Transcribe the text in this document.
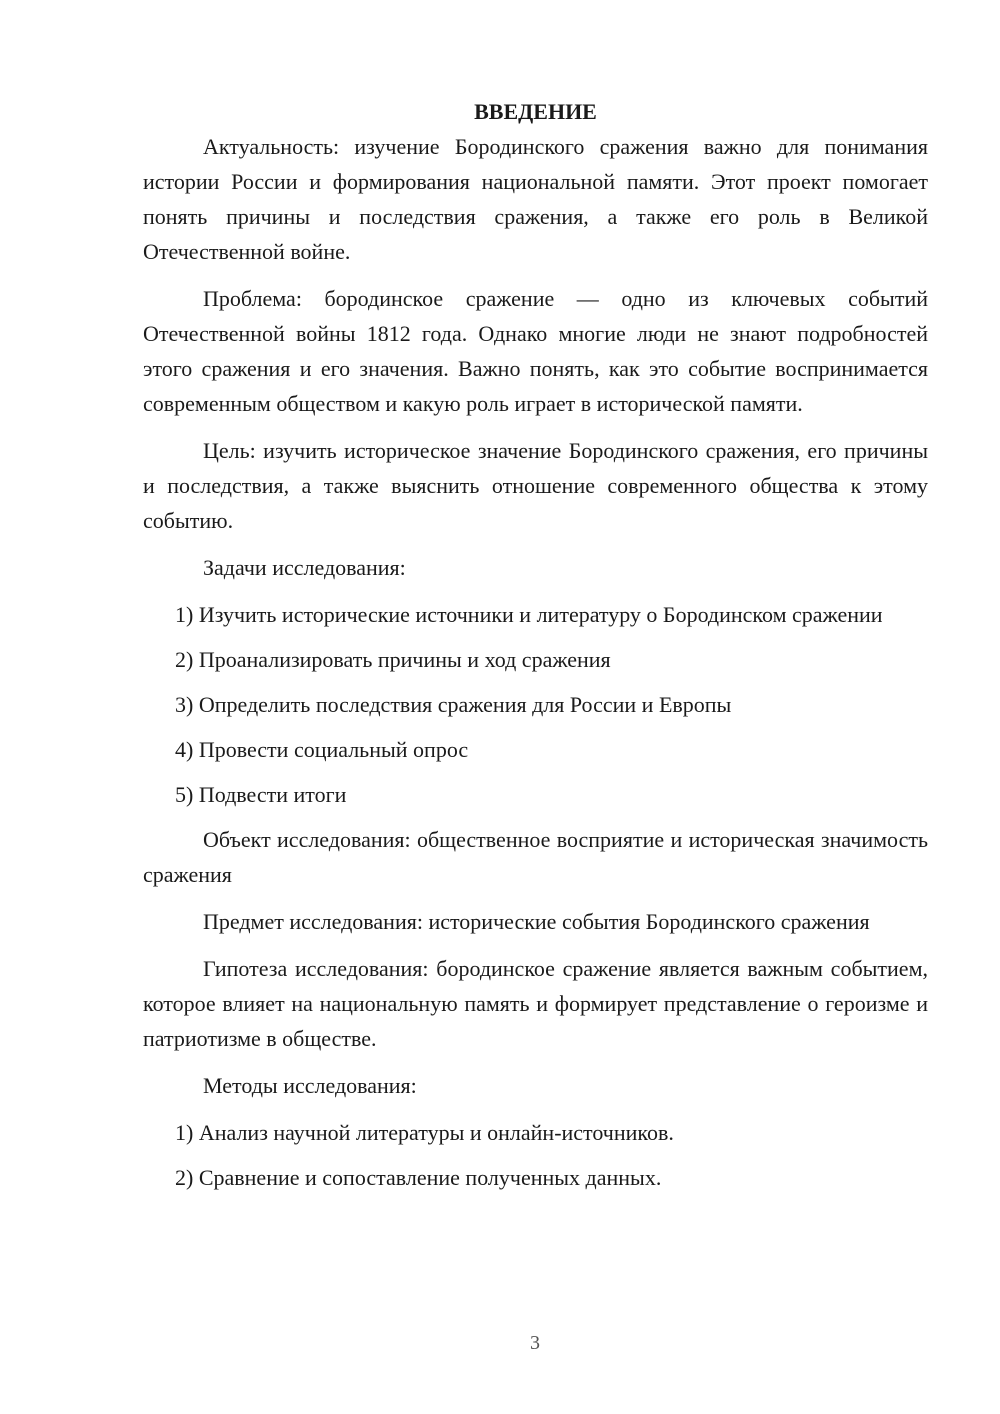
ВВЕДЕНИЕ

Актуальность: изучение Бородинского сражения важно для понимания истории России и формирования национальной памяти. Этот проект помогает понять причины и последствия сражения, а также его роль в Великой Отечественной войне.

Проблема: бородинское сражение — одно из ключевых событий Отечественной войны 1812 года. Однако многие люди не знают подробностей этого сражения и его значения. Важно понять, как это событие воспринимается современным обществом и какую роль играет в исторической памяти.

Цель: изучить историческое значение Бородинского сражения, его причины и последствия, а также выяснить отношение современного общества к этому событию.

Задачи исследования:

1) Изучить исторические источники и литературу о Бородинском сражении

2) Проанализировать причины и ход сражения

3) Определить последствия сражения для России и Европы

4) Провести социальный опрос

5) Подвести итоги

Объект исследования: общественное восприятие и историческая значимость сражения

Предмет исследования: исторические события Бородинского сражения

Гипотеза исследования: бородинское сражение является важным событием, которое влияет на национальную память и формирует представление о героизме и патриотизме в обществе.

Методы исследования:

1) Анализ научной литературы и онлайн-источников.

2) Сравнение и сопоставление полученных данных.

3
